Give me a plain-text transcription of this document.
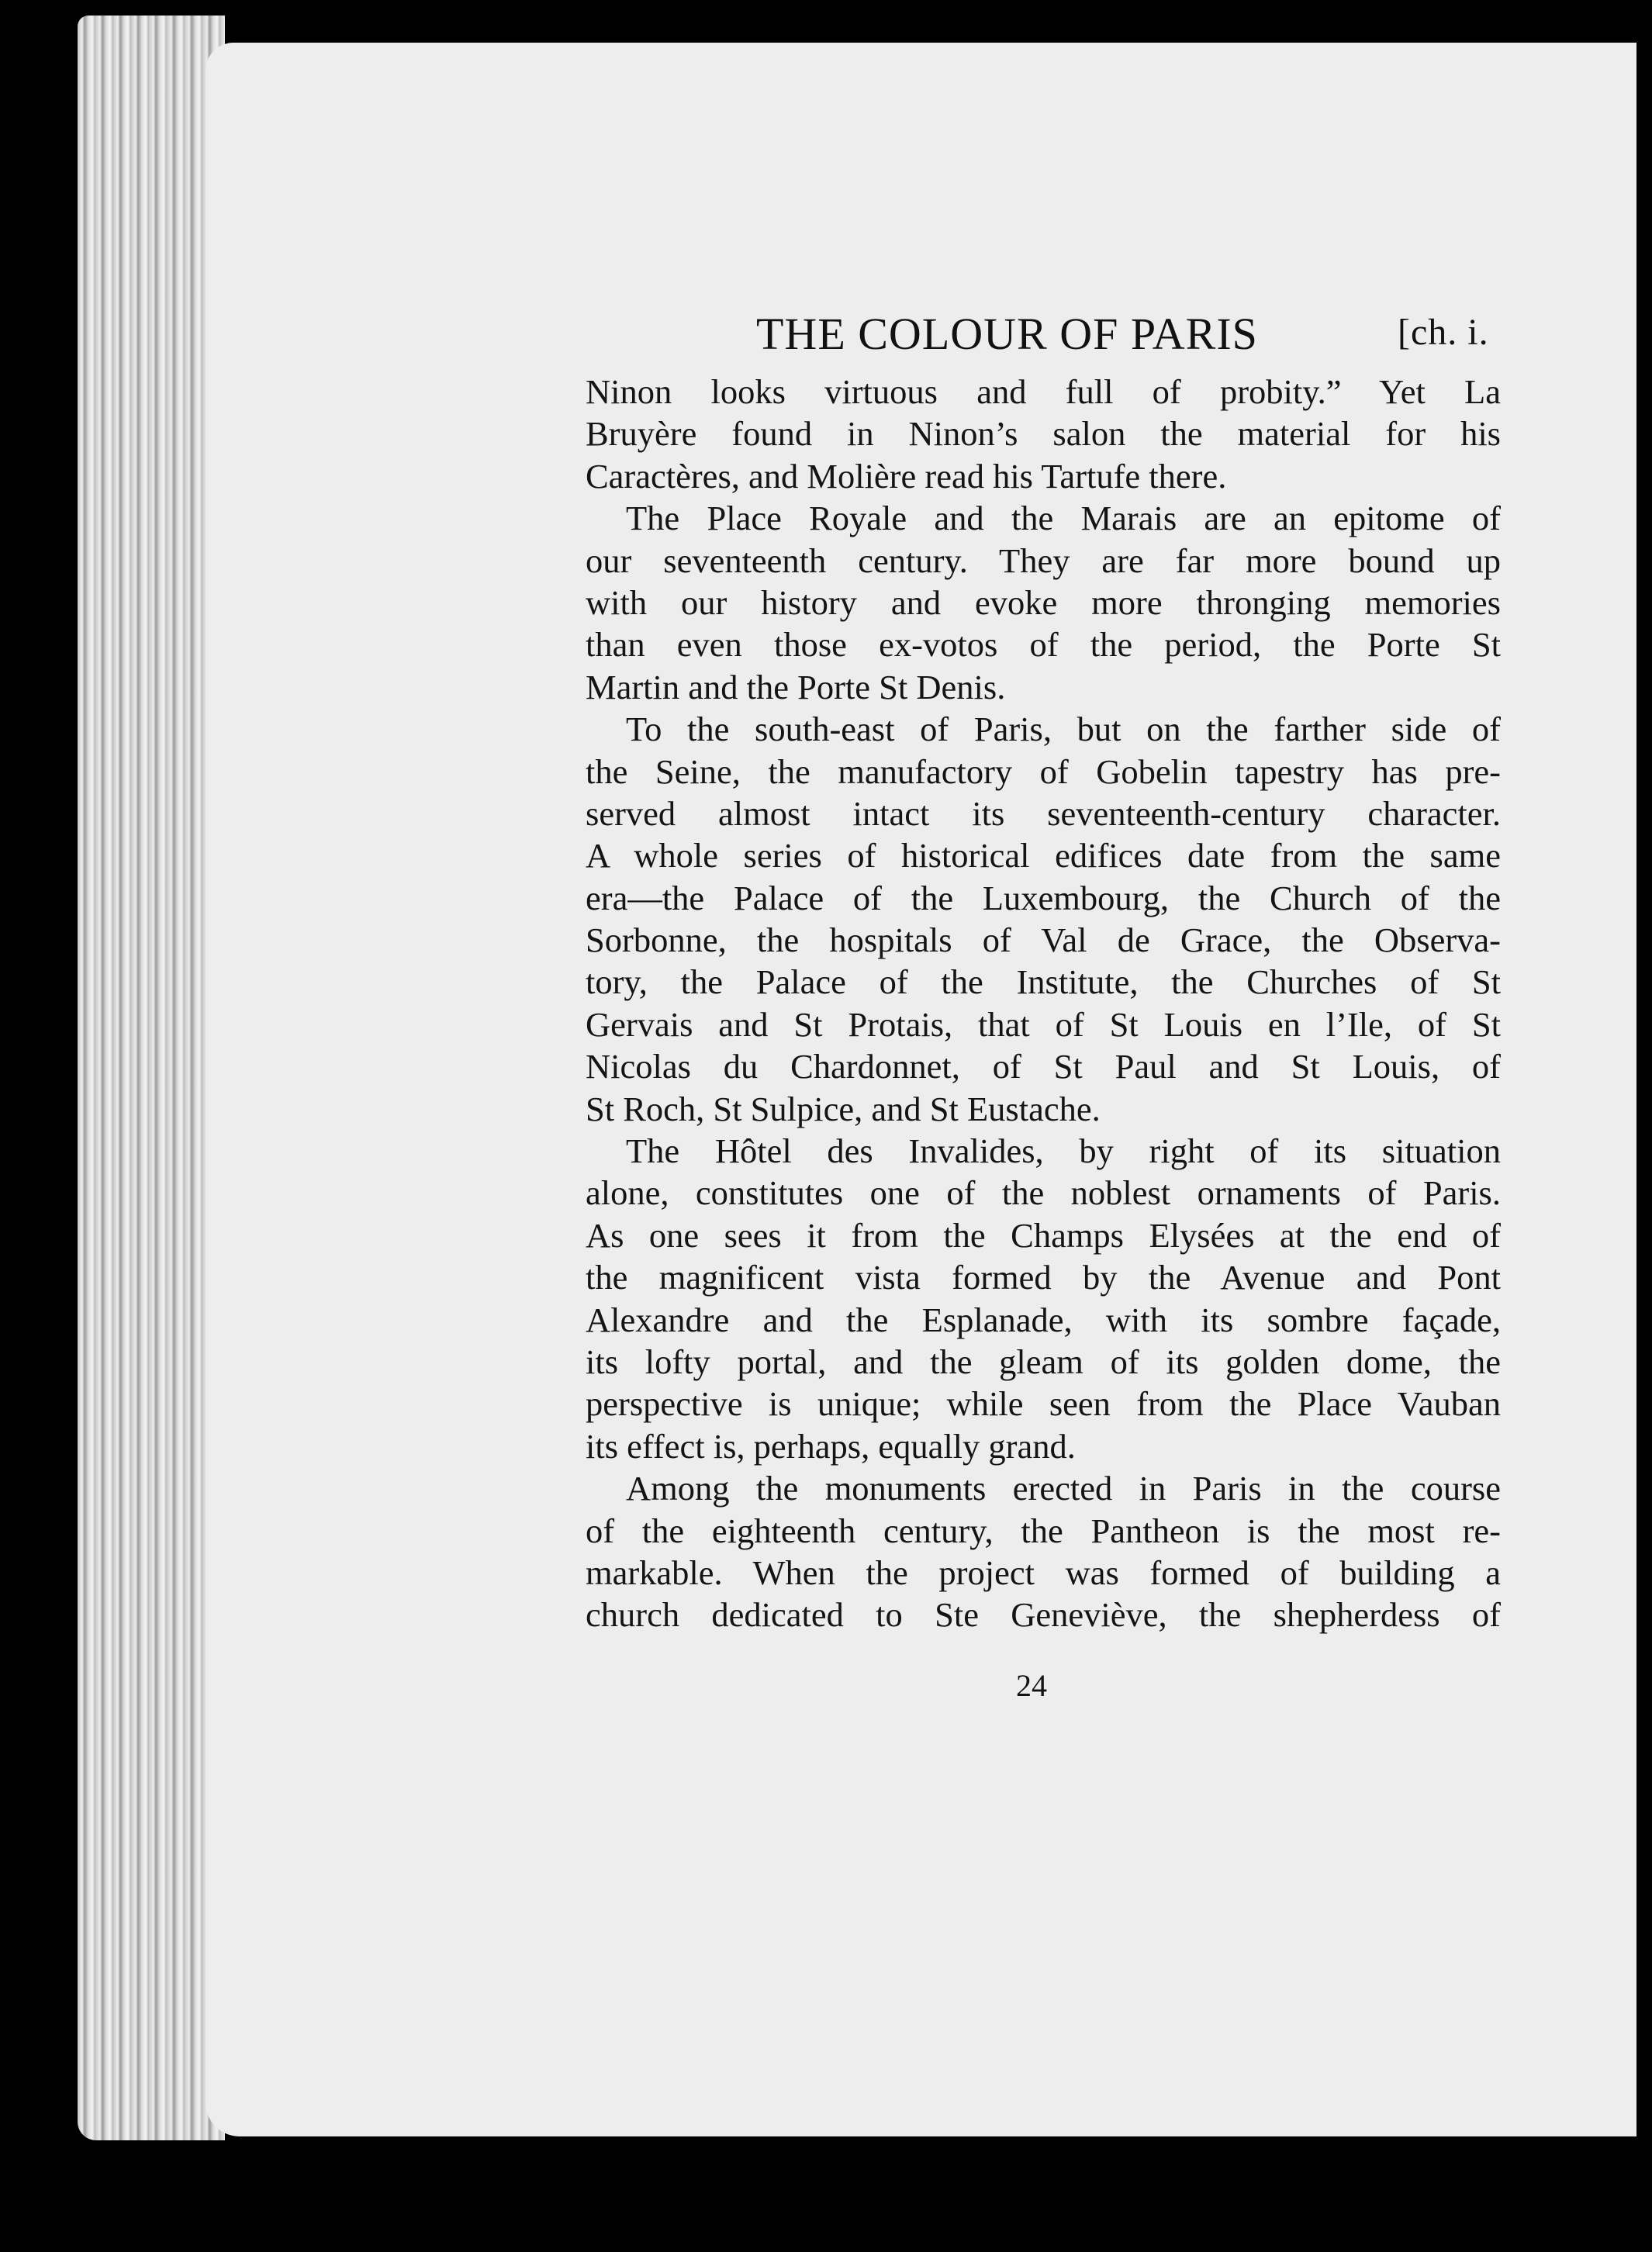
THE COLOUR OF PARIS	[ch. i.
Ninon looks virtuous and full of probity.” Yet La
Bruyère found in Ninon’s salon the material for his
Caractères, and Molière read his Tartufe there.
The Place Royale and the Marais are an epitome of
our seventeenth century. They are far more bound up
with our history and evoke more thronging memories
than even those ex-votos of the period, the Porte St
Martin and the Porte St Denis.
To the south-east of Paris, but on the farther side of
the Seine, the manufactory of Gobelin tapestry has pre-
served almost intact its seventeenth-century character.
A whole series of historical edifices date from the same
era—the Palace of the Luxembourg, the Church of the
Sorbonne, the hospitals of Val de Grace, the Observa-
tory, the Palace of the Institute, the Churches of St
Gervais and St Protais, that of St Louis en l’Ile, of St
Nicolas du Chardonnet, of St Paul and St Louis, of
St Roch, St Sulpice, and St Eustache.
The Hôtel des Invalides, by right of its situation
alone, constitutes one of the noblest ornaments of Paris.
As one sees it from the Champs Elysées at the end of
the magnificent vista formed by the Avenue and Pont
Alexandre and the Esplanade, with its sombre façade,
its lofty portal, and the gleam of its golden dome, the
perspective is unique; while seen from the Place Vauban
its effect is, perhaps, equally grand.
Among the monuments erected in Paris in the course
of the eighteenth century, the Pantheon is the most re-
markable. When the project was formed of building a
church dedicated to Ste Geneviève, the shepherdess of
24
